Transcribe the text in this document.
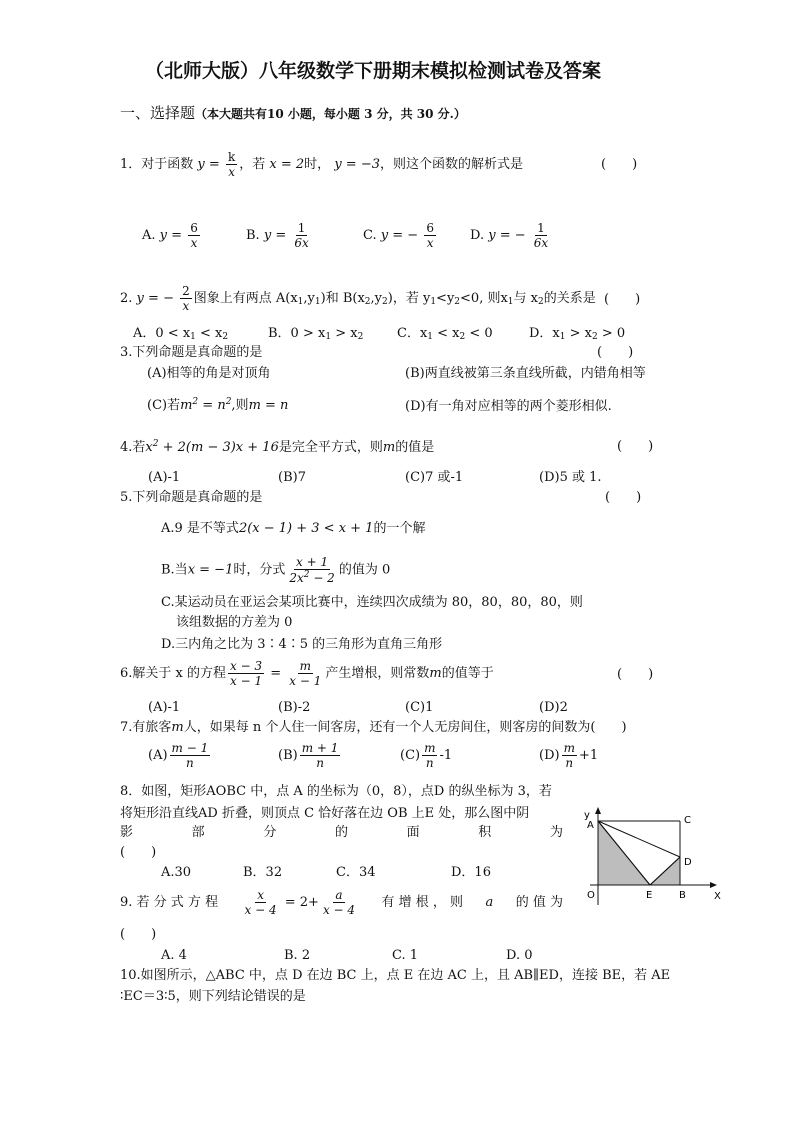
（北师大版）八年级数学下册期末模拟检测试卷及答案
一、选择题（本大题共有10 小题，每小题 3 分，共 30 分.）
1．对于函数 $y = \frac{k}{x}$ ，若 x = 2时， y = −3，则这个函数的解析式是	(　　)
A. $y = \frac{6}{x}$	B. $y = \frac{1}{6x}$	C. y = − $\frac{6}{x}$	D. y = − $\frac{1}{6x}$
2. y = − $\frac{2}{x}$ 图象上有两点 $A(x_1,y_1)$和 $B(x_2,y_2)$，若 $y_1<y_2<0$, 则$x_1$与 $x_2$的关系是 (　　)
A．$0 < x_1 < x_2$	B．$0 > x_1 > x_2$	C．$x_1 < x_2 < 0$	D．$x_1 > x_2 > 0$
3.下列命题是真命题的是	(　　)
(A)相等的角是对顶角	(B)两直线被第三条直线所截，内错角相等
(C)若$m^2 = n^2$,则m = n	(D)有一角对应相等的两个菱形相似.
4.若$x^2 + 2(m - 3)x + 16$是完全平方式，则m的值是	(　　)
(A)-1	(B)7	(C)7 或-1	(D)5 或 1.
5.下列命题是真命题的是	(　　)
A.9 是不等式2(x − 1) + 3 < x + 1的一个解
B.当x = −1时，分式 $\frac{x + 1}{2x^2 - 2}$ 的值为 0
C.某运动员在亚运会某项比赛中，连续四次成绩为 80，80，80，80，则
该组数据的方差为 0
D.三内角之比为 3∶4∶5 的三角形为直角三角形
6.解关于 x 的方程 $\frac{x - 3}{x - 1} = \frac{m}{x - 1}$ 产生增根，则常数m的值等于	(　　)
(A)-1	(B)-2	(C)1	(D)2
7.有旅客m人，如果每 n 个人住一间客房，还有一个人无房间住，则客房的间数为(　　)
$(A) \frac{m - 1}{n}$	$(B) \frac{m + 1}{n}$	$(C) \frac{m}{n} -1$	$(D) \frac{m}{n} +1$
8．如图，矩形AOBC 中，点 A 的坐标为（0，8），点D 的纵坐标为 3，若
将矩形沿直线AD 折叠，则顶点 C 恰好落在边 OB 上E 处，那么图中阴
影	部	分	的	面	积	为
(　　)
A.30	B．32	C．34	D．16
y
A	C
D
O	E	B	X
9. 若 分 式 方 程 $\frac{x}{x - 4} = 2+ \frac{a}{x - 4}$ 有 增 根 ， 则 a 的 值 为
(　　)
A. 4	B. 2	C. 1	D. 0
10.如图所示，△ABC 中，点 D 在边 BC 上，点 E 在边 AC 上，且 AB∥ED，连接 BE，若 AE
∶EC＝3∶5，则下列结论错误的是
